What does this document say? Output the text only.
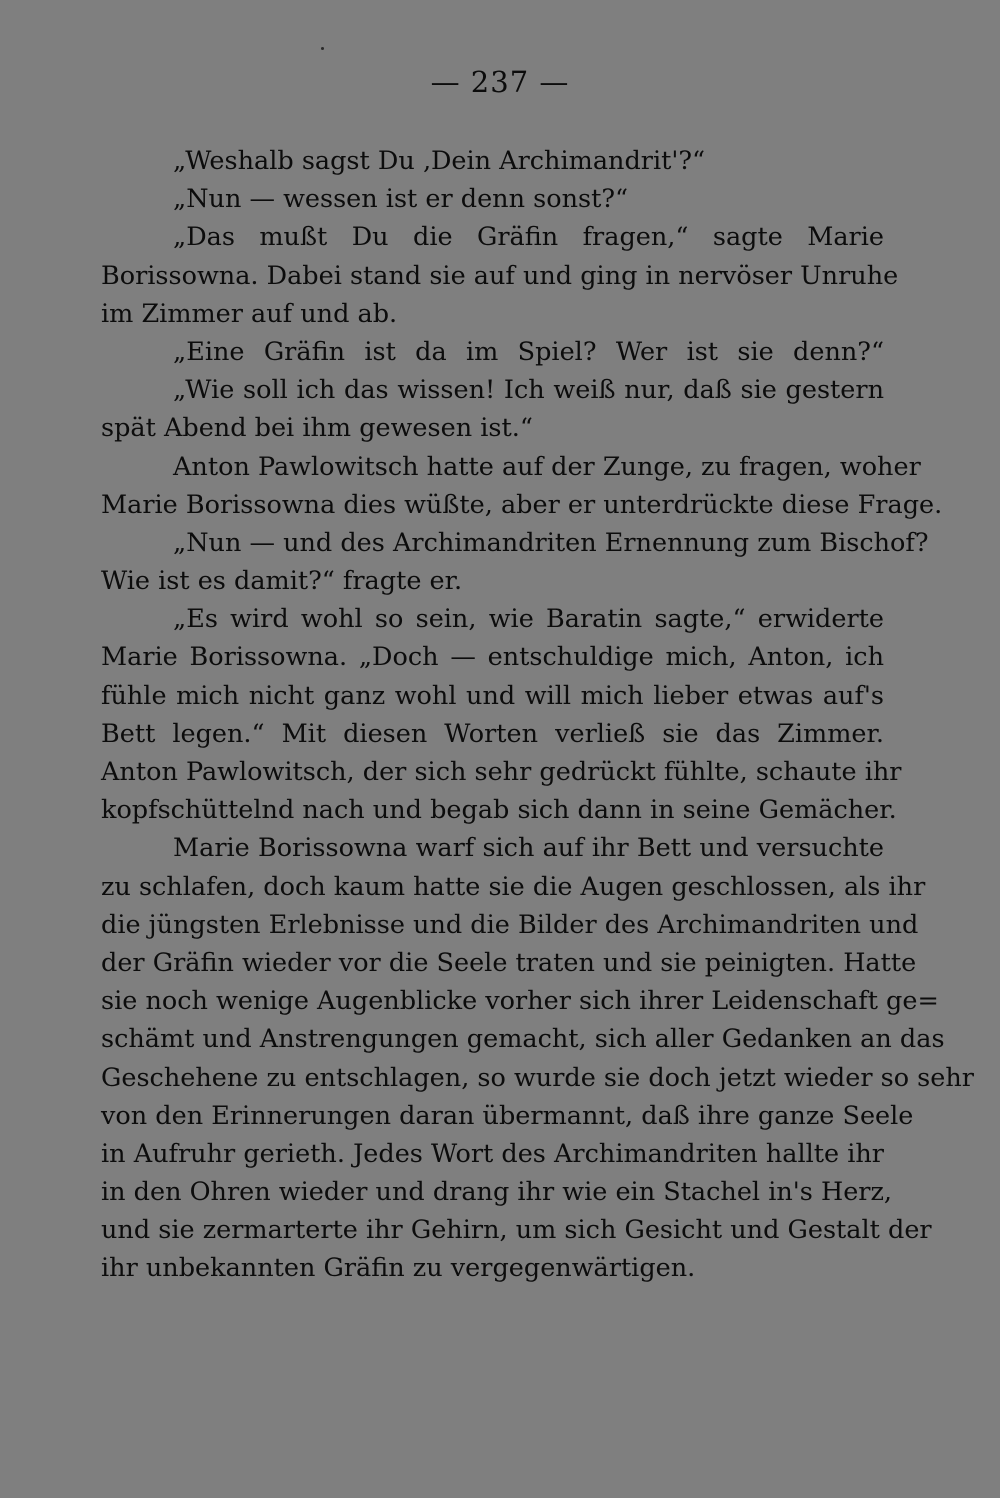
— 237 —
„Weshalb sagst Du ‚Dein Archimandrit'?“
„Nun — wessen ist er denn sonst?“
„Das mußt Du die Gräfin fragen,“ sagte Marie
Borissowna. Dabei stand sie auf und ging in nervöser Unruhe
im Zimmer auf und ab.
„Eine Gräfin ist da im Spiel? Wer ist sie denn?“
„Wie soll ich das wissen! Ich weiß nur, daß sie gestern
spät Abend bei ihm gewesen ist.“
Anton Pawlowitsch hatte auf der Zunge, zu fragen, woher
Marie Borissowna dies wüßte, aber er unterdrückte diese Frage.
„Nun — und des Archimandriten Ernennung zum Bischof?
Wie ist es damit?“ fragte er.
„Es wird wohl so sein, wie Baratin sagte,“ erwiderte
Marie Borissowna. „Doch — entschuldige mich, Anton, ich
fühle mich nicht ganz wohl und will mich lieber etwas auf's
Bett legen.“ Mit diesen Worten verließ sie das Zimmer.
Anton Pawlowitsch, der sich sehr gedrückt fühlte, schaute ihr
kopfschüttelnd nach und begab sich dann in seine Gemächer.
Marie Borissowna warf sich auf ihr Bett und versuchte
zu schlafen, doch kaum hatte sie die Augen geschlossen, als ihr
die jüngsten Erlebnisse und die Bilder des Archimandriten und
der Gräfin wieder vor die Seele traten und sie peinigten. Hatte
sie noch wenige Augenblicke vorher sich ihrer Leidenschaft ge=
schämt und Anstrengungen gemacht, sich aller Gedanken an das
Geschehene zu entschlagen, so wurde sie doch jetzt wieder so sehr
von den Erinnerungen daran übermannt, daß ihre ganze Seele
in Aufruhr gerieth. Jedes Wort des Archimandriten hallte ihr
in den Ohren wieder und drang ihr wie ein Stachel in's Herz,
und sie zermarterte ihr Gehirn, um sich Gesicht und Gestalt der
ihr unbekannten Gräfin zu vergegenwärtigen.
